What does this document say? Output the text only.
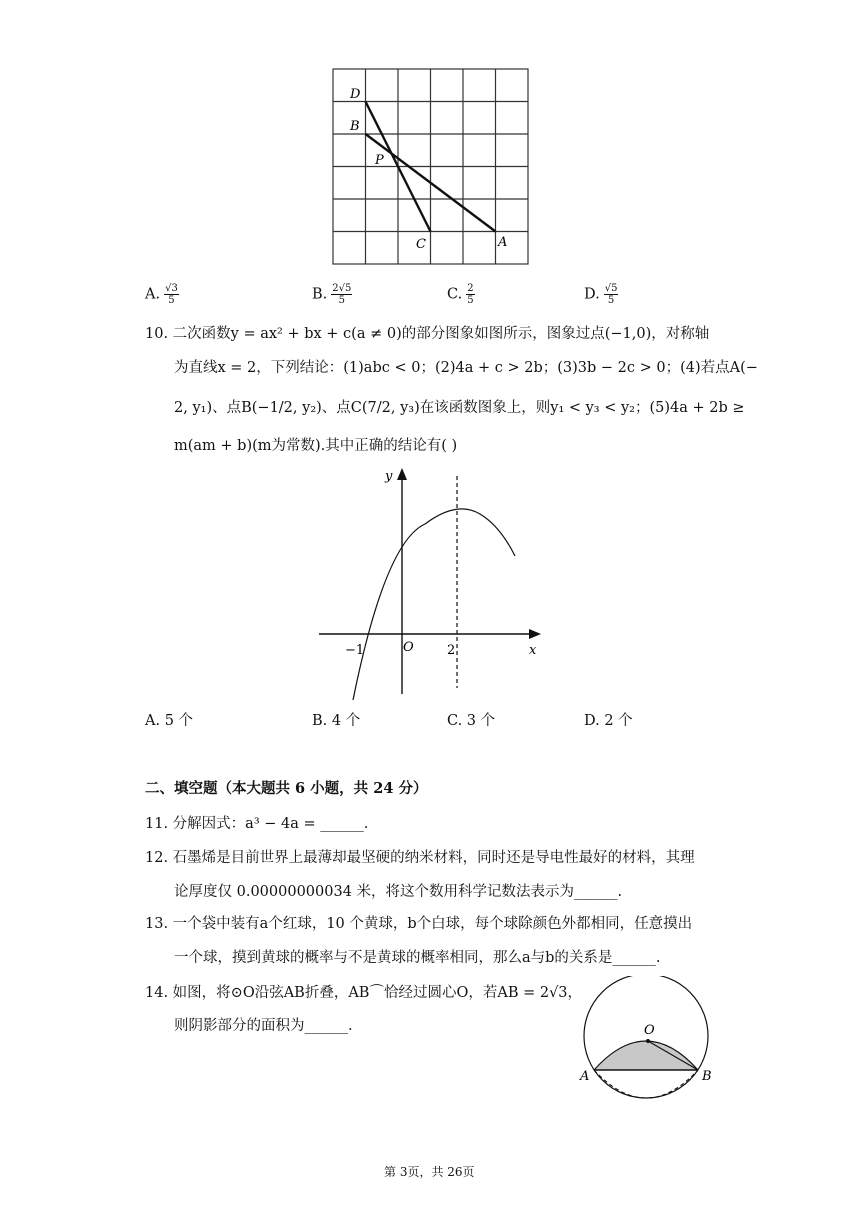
D
B
P
C	A
A. $\frac{√3}{5}$	B. $\frac{2√5}{5}$	C. $\frac{2}{5}$	D. $\frac{√5}{5}$
10. 二次函数y = ax² + bx + c(a ≠ 0)的部分图象如图所示，图象过点(−1,0)，对称轴
为直线x = 2，下列结论：(1)abc < 0；(2)4a + c > 2b；(3)3b − 2c > 0；(4)若点A(−
2, y₁)、点B(−1/2, y₂)、点C(7/2, y₃)在该函数图象上，则y₁ < y₃ < y₂；(5)4a + 2b ≥
m(am + b)(m为常数).其中正确的结论有( )
y
x
O
−1	2
A. 5 个	B. 4 个	C. 3 个	D. 2 个
二、填空题（本大题共 6 小题，共 24 分）
11. 分解因式：a³ − 4a = ______.
12. 石墨烯是目前世界上最薄却最坚硬的纳米材料，同时还是导电性最好的材料，其理
论厚度仅 0.00000000034 米，将这个数用科学记数法表示为______.
13. 一个袋中装有a个红球，10 个黄球，b个白球，每个球除颜色外都相同，任意摸出
一个球，摸到黄球的概率与不是黄球的概率相同，那么a与b的关系是______.
14. 如图，将⊙O沿弦AB折叠，AB⌒恰经过圆心O，若AB = 2√3，
则阴影部分的面积为______.	O
A	B
第 3页，共 26页
